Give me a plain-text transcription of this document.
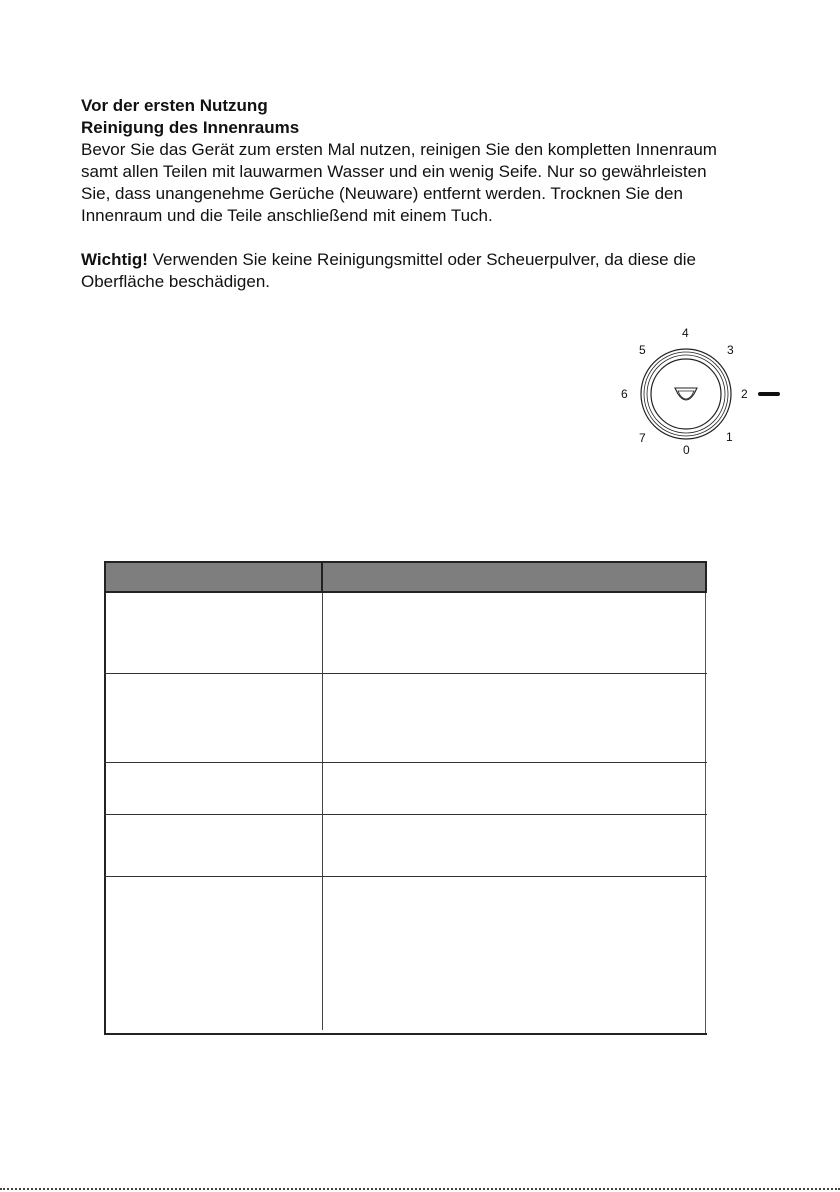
Vor der ersten Nutzung

Reinigung des Innenraums

Bevor Sie das Gerät zum ersten Mal nutzen, reinigen Sie den kompletten Innenraum

samt allen Teilen mit lauwarmen Wasser und ein wenig Seife. Nur so gewährleisten

Sie, dass unangenehme Gerüche (Neuware) entfernt werden. Trocknen Sie den

Innenraum und die Teile anschließend mit einem Tuch.

Wichtig! Verwenden Sie keine Reinigungsmittel oder Scheuerpulver, da diese die

Oberfläche beschädigen.

4
3
2
1
0
7
6
5
